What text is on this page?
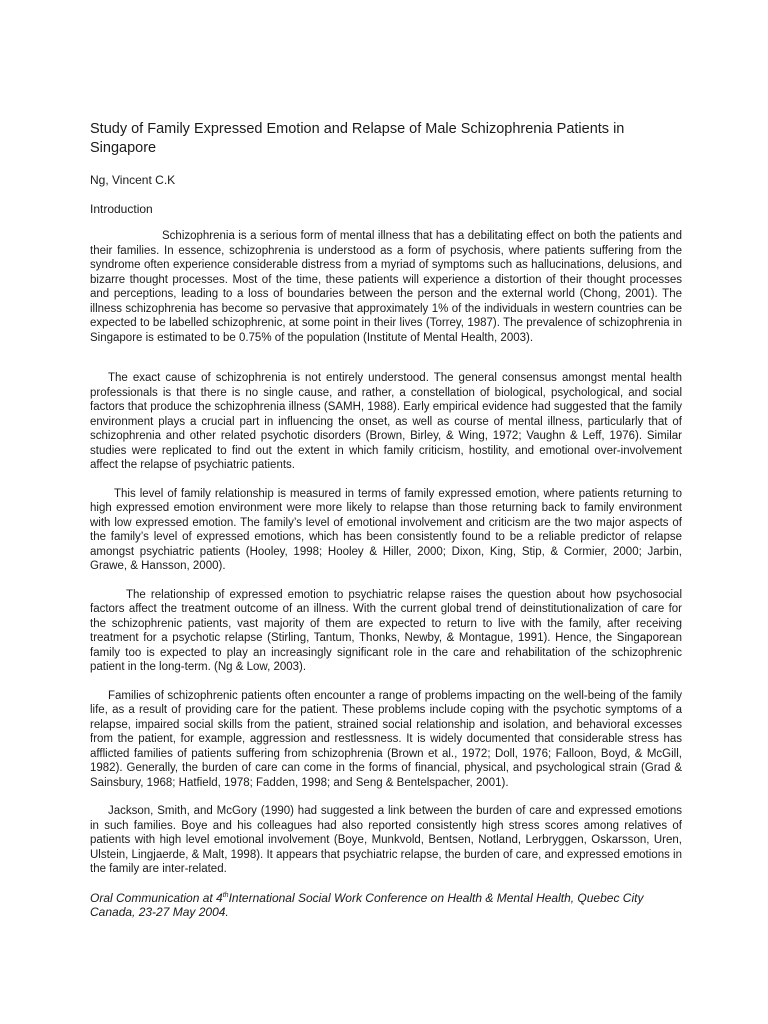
Study of Family Expressed Emotion and Relapse of Male Schizophrenia Patients in Singapore

Ng, Vincent C.K

Introduction

Schizophrenia is a serious form of mental illness that has a debilitating effect on both the patients and their families. In essence, schizophrenia is understood as a form of psychosis, where patients suffering from the syndrome often experience considerable distress from a myriad of symptoms such as hallucinations, delusions, and bizarre thought processes. Most of the time, these patients will experience a distortion of their thought processes and perceptions, leading to a loss of boundaries between the person and the external world (Chong, 2001). The illness schizophrenia has become so pervasive that approximately 1% of the individuals in western countries can be expected to be labelled schizophrenic, at some point in their lives (Torrey, 1987). The prevalence of schizophrenia in Singapore is estimated to be 0.75% of the population (Institute of Mental Health, 2003).

The exact cause of schizophrenia is not entirely understood. The general consensus amongst mental health professionals is that there is no single cause, and rather, a constellation of biological, psychological, and social factors that produce the schizophrenia illness (SAMH, 1988). Early empirical evidence had suggested that the family environment plays a crucial part in influencing the onset, as well as course of mental illness, particularly that of schizophrenia and other related psychotic disorders (Brown, Birley, & Wing, 1972; Vaughn & Leff, 1976). Similar studies were replicated to find out the extent in which family criticism, hostility, and emotional over-involvement affect the relapse of psychiatric patients.

This level of family relationship is measured in terms of family expressed emotion, where patients returning to high expressed emotion environment were more likely to relapse than those returning back to family environment with low expressed emotion. The family’s level of emotional involvement and criticism are the two major aspects of the family’s level of expressed emotions, which has been consistently found to be a reliable predictor of relapse amongst psychiatric patients (Hooley, 1998; Hooley & Hiller, 2000; Dixon, King, Stip, & Cormier, 2000; Jarbin, Grawe, & Hansson, 2000).

The relationship of expressed emotion to psychiatric relapse raises the question about how psychosocial factors affect the treatment outcome of an illness. With the current global trend of deinstitutionalization of care for the schizophrenic patients, vast majority of them are expected to return to live with the family, after receiving treatment for a psychotic relapse (Stirling, Tantum, Thonks, Newby, & Montague, 1991). Hence, the Singaporean family too is expected to play an increasingly significant role in the care and rehabilitation of the schizophrenic patient in the long-term. (Ng & Low, 2003).

Families of schizophrenic patients often encounter a range of problems impacting on the well-being of the family life, as a result of providing care for the patient. These problems include coping with the psychotic symptoms of a relapse, impaired social skills from the patient, strained social relationship and isolation, and behavioral excesses from the patient, for example, aggression and restlessness. It is widely documented that considerable stress has afflicted families of patients suffering from schizophrenia (Brown et al., 1972; Doll, 1976; Falloon, Boyd, & McGill, 1982). Generally, the burden of care can come in the forms of financial, physical, and psychological strain (Grad & Sainsbury, 1968; Hatfield, 1978; Fadden, 1998; and Seng & Bentelspacher, 2001).

Jackson, Smith, and McGory (1990) had suggested a link between the burden of care and expressed emotions in such families. Boye and his colleagues had also reported consistently high stress scores among relatives of patients with high level emotional involvement (Boye, Munkvold, Bentsen, Notland, Lerbryggen, Oskarsson, Uren, Ulstein, Lingjaerde, & Malt, 1998). It appears that psychiatric relapse, the burden of care, and expressed emotions in the family are inter-related.

Oral Communication at 4thInternational Social Work Conference on Health & Mental Health, Quebec City
Canada, 23-27 May 2004.
